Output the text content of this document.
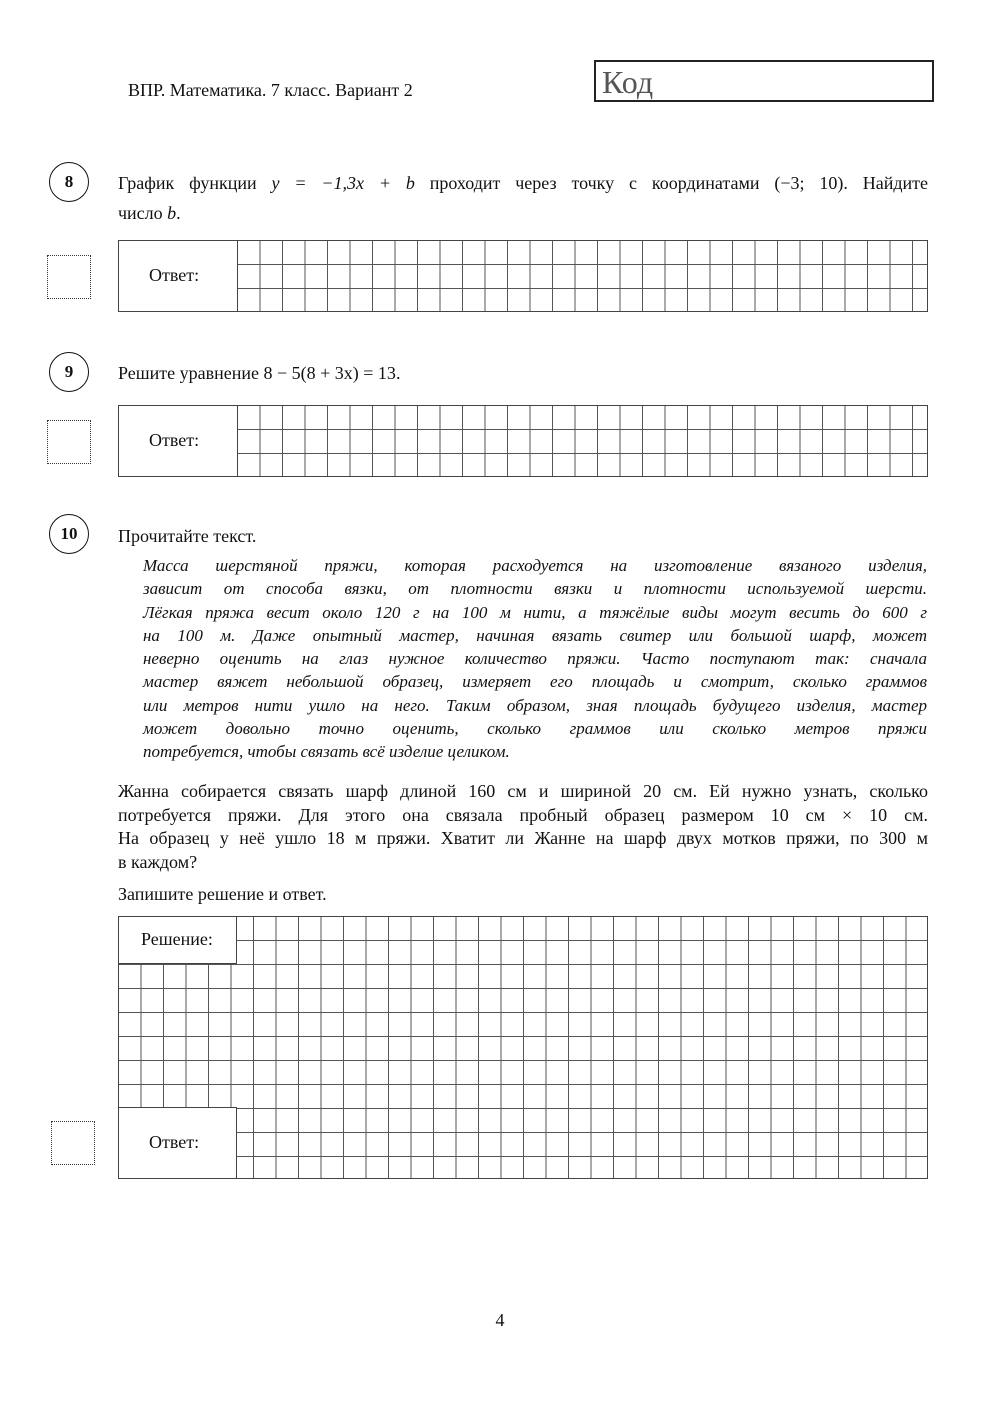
ВПР. Математика. 7 класс. Вариант 2	Код
8	График функции y = −1,3x + b проходит через точку с координатами (−3; 10). Найдите
число b.
Ответ:
9	Решите уравнение 8 − 5(8 + 3x) = 13.
Ответ:
10	Прочитайте текст.
Масса шерстяной пряжи, которая расходуется на изготовление вязаного изделия,
зависит от способа вязки, от плотности вязки и плотности используемой шерсти.
Лёгкая пряжа весит около 120 г на 100 м нити, а тяжёлые виды могут весить до 600 г
на 100 м. Даже опытный мастер, начиная вязать свитер или большой шарф, может
неверно оценить на глаз нужное количество пряжи. Часто поступают так: сначала
мастер вяжет небольшой образец, измеряет его площадь и смотрит, сколько граммов
или метров нити ушло на него. Таким образом, зная площадь будущего изделия, мастер
может довольно точно оценить, сколько граммов или сколько метров пряжи
потребуется, чтобы связать всё изделие целиком.
Жанна собирается связать шарф длиной 160 см и шириной 20 см. Ей нужно узнать, сколько
потребуется пряжи. Для этого она связала пробный образец размером 10 см × 10 см.
На образец у неё ушло 18 м пряжи. Хватит ли Жанне на шарф двух мотков пряжи, по 300 м
в каждом?
Запишите решение и ответ.
Решение:
Ответ:
4
